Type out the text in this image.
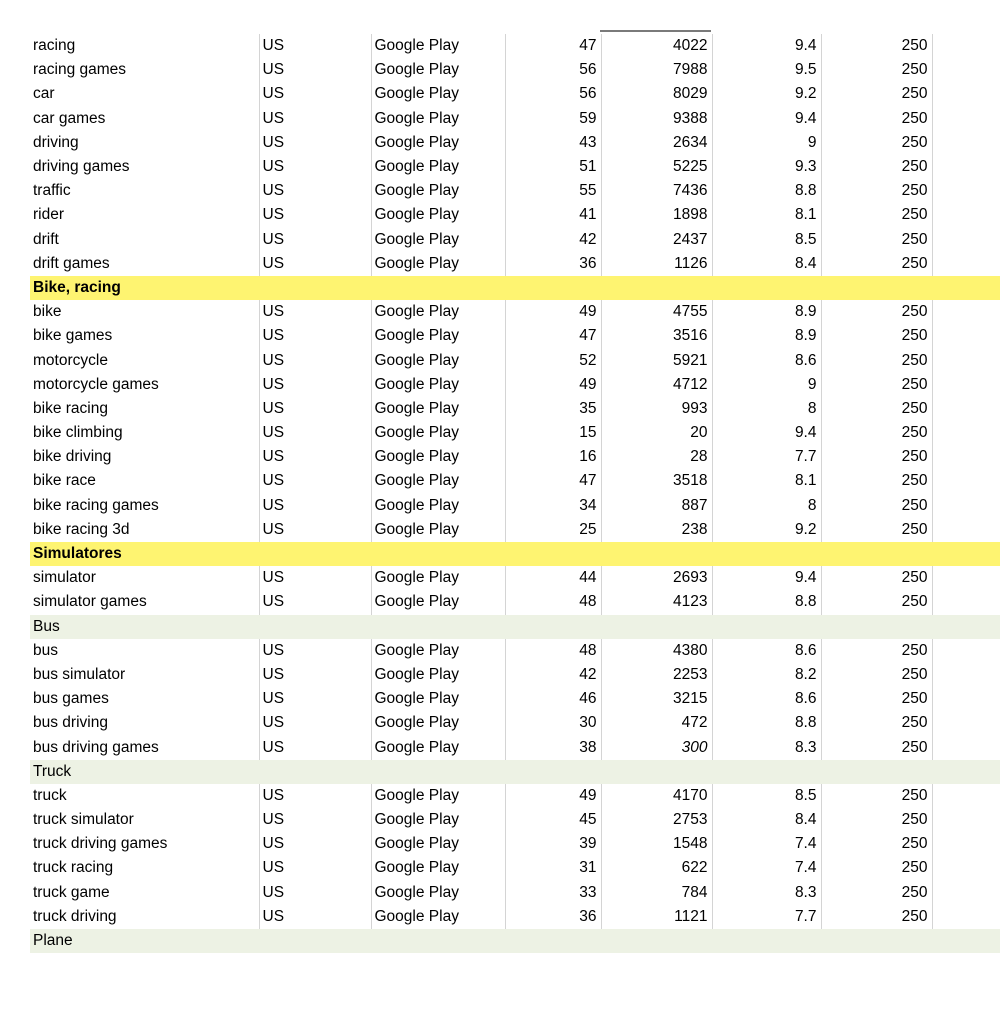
racing	US	Google Play	47	4022	9.4	250	
racing games	US	Google Play	56	7988	9.5	250	
car	US	Google Play	56	8029	9.2	250	
car games	US	Google Play	59	9388	9.4	250	
driving	US	Google Play	43	2634	9	250	
driving games	US	Google Play	51	5225	9.3	250	
traffic	US	Google Play	55	7436	8.8	250	
rider	US	Google Play	41	1898	8.1	250	
drift	US	Google Play	42	2437	8.5	250	
drift games	US	Google Play	36	1126	8.4	250	
Bike, racing							
bike	US	Google Play	49	4755	8.9	250	
bike games	US	Google Play	47	3516	8.9	250	
motorcycle	US	Google Play	52	5921	8.6	250	
motorcycle games	US	Google Play	49	4712	9	250	
bike racing	US	Google Play	35	993	8	250	
bike climbing	US	Google Play	15	20	9.4	250	
bike driving	US	Google Play	16	28	7.7	250	
bike race	US	Google Play	47	3518	8.1	250	
bike racing games	US	Google Play	34	887	8	250	
bike racing 3d	US	Google Play	25	238	9.2	250	
Simulatores							
simulator	US	Google Play	44	2693	9.4	250	
simulator games	US	Google Play	48	4123	8.8	250	
Bus							
bus	US	Google Play	48	4380	8.6	250	
bus simulator	US	Google Play	42	2253	8.2	250	
bus games	US	Google Play	46	3215	8.6	250	
bus driving	US	Google Play	30	472	8.8	250	
bus driving games	US	Google Play	38	300	8.3	250	
Truck							
truck	US	Google Play	49	4170	8.5	250	
truck simulator	US	Google Play	45	2753	8.4	250	
truck driving games	US	Google Play	39	1548	7.4	250	
truck racing	US	Google Play	31	622	7.4	250	
truck game	US	Google Play	33	784	8.3	250	
truck driving	US	Google Play	36	1121	7.7	250	
Plane							
